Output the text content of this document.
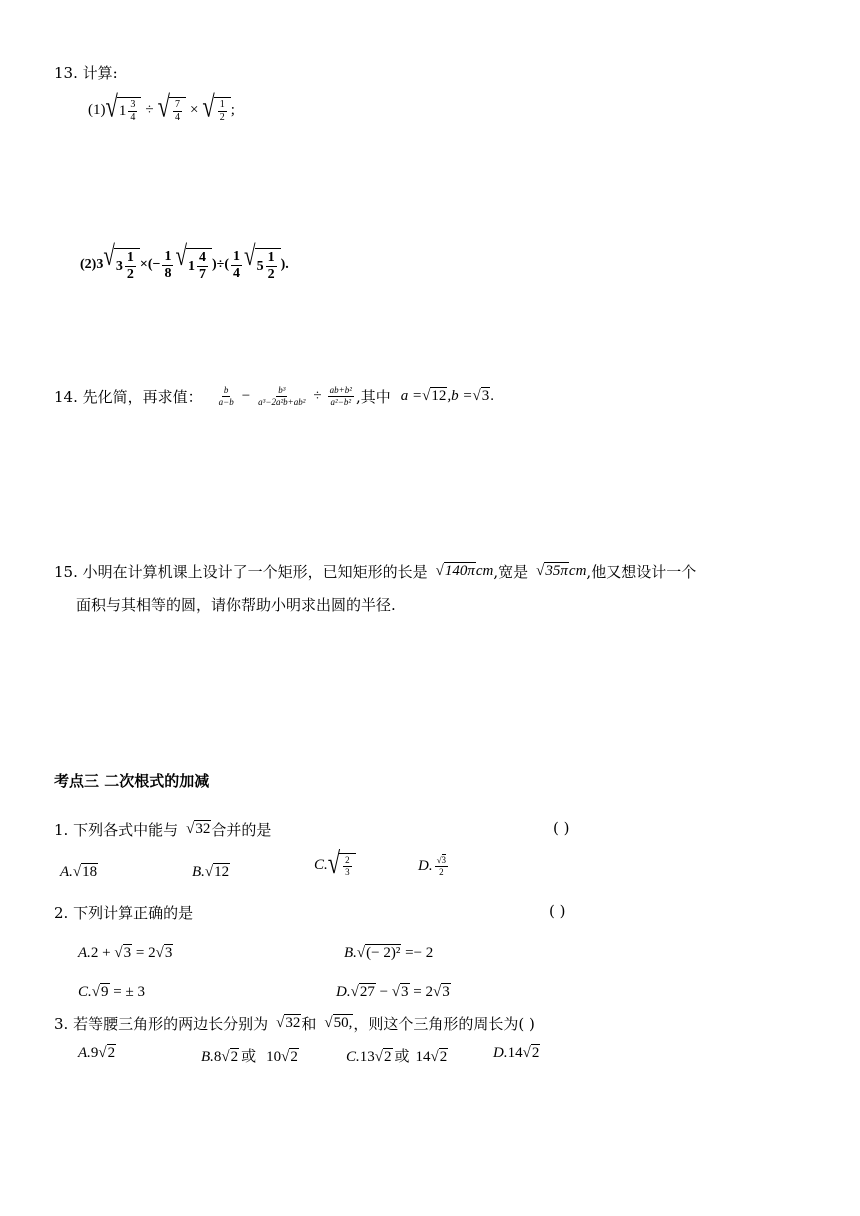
13. 计算:
(1) √ $1 \frac{3}{4}$ ÷ √ $\frac{7}{4}$ × √ $\frac{1}{2}$ ;
(2)3 √ $3 \frac{1}{2}$ ×(− $\frac{1}{8}$ √ $1 \frac{4}{7}$ )÷( $\frac{1}{4}$ √ $5 \frac{1}{2}$ ).
14. 先化简，再求值： $\frac{b}{a-b} - \frac{\text{b³}}{\text{a³−2a²b+ab²}} \div \frac{\text{ab+b²}}{\text{a²−b²}}$ ,其中 a = √12 ,b = √3 .
15. 小明在计算机课上设计了一个矩形，已知矩形的长是 √140π cm ,宽是 √35π cm ,他又想设计一个
面积与其相等的圆，请你帮助小明求出圆的半径.
考点三 二次根式的加减
1. 下列各式中能与 √32 合并的是	( )
A.√18	B.√12	C. √ $\frac{2}{3}$	D. $\frac{√3}{2}$
2. 下列计算正确的是	( )
A.2 + √3 = 2√3	B.√(− 2)² =− 2
C.√9 = ± 3	D.√27 − √3 = 2√3
3. 若等腰三角形的两边长分别为 √32 和 √50, ，则这个三角形的周长为( )
A.9√2	B.8√2 或 10√2	C.13√2 或 14√2	D.14√2
